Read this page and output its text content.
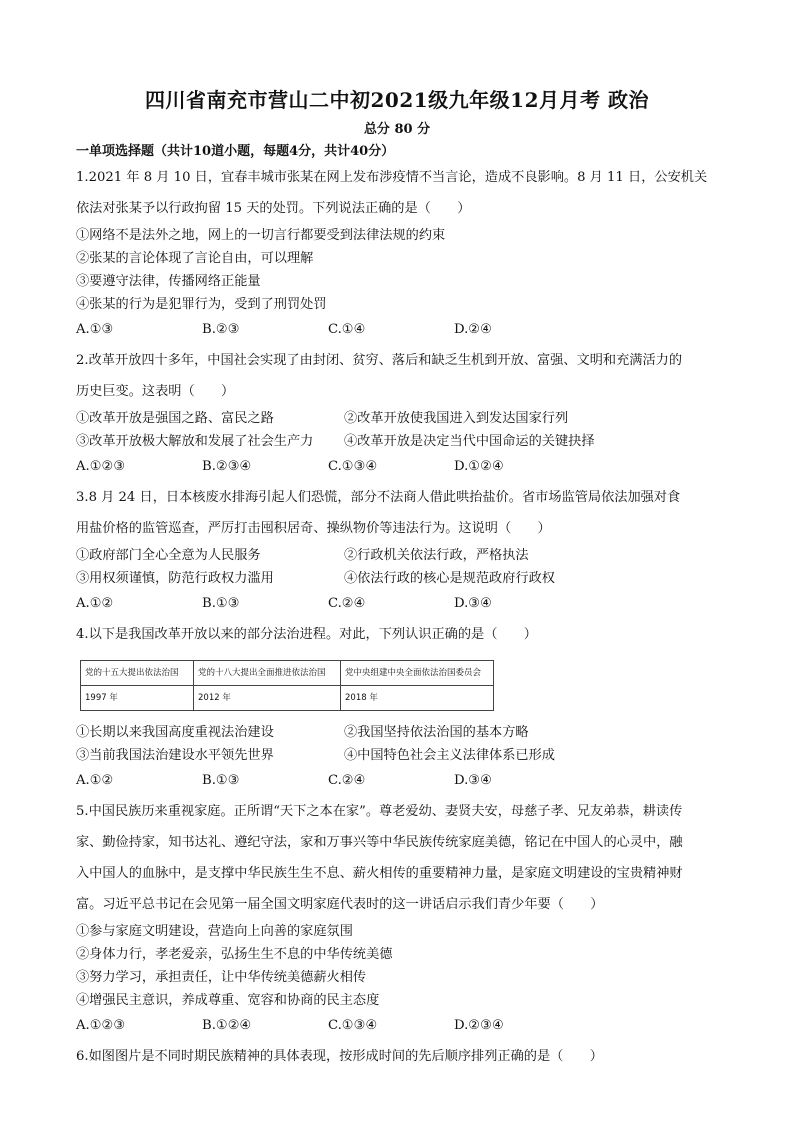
四川省南充市营山二中初2021级九年级12月月考 政治
总分 80 分
一单项选择题（共计10道小题，每题4分，共计40分）

1.2021 年 8 月 10 日，宜春丰城市张某在网上发布涉疫情不当言论，造成不良影响。8 月 11 日，公安机关

依法对张某予以行政拘留 15 天的处罚。下列说法正确的是（　　）

①网络不是法外之地，网上的一切言行都要受到法律法规的约束

②张某的言论体现了言论自由，可以理解

③要遵守法律，传播网络正能量

④张某的行为是犯罪行为，受到了刑罚处罚

A.①③	B.②③	C.①④	D.②④

2.改革开放四十多年，中国社会实现了由封闭、贫穷、落后和缺乏生机到开放、富强、文明和充满活力的

历史巨变。这表明（　　）

①改革开放是强国之路、富民之路	②改革开放使我国进入到发达国家行列
③改革开放极大解放和发展了社会生产力	④改革开放是决定当代中国命运的关键抉择
A.①②③	B.②③④	C.①③④	D.①②④

3.8 月 24 日，日本核废水排海引起人们恐慌，部分不法商人借此哄抬盐价。省市场监管局依法加强对食

用盐价格的监管巡查，严厉打击囤积居奇、操纵物价等违法行为。这说明（　　）

①政府部门全心全意为人民服务	②行政机关依法行政，严格执法
③用权须谨慎，防范行政权力滥用	④依法行政的核心是规范政府行政权
A.①②	B.①③	C.②④	D.③④

4.以下是我国改革开放以来的部分法治进程。对此，下列认识正确的是（　　）

党的十五大提出依法治国	党的十八大提出全面推进依法治国	党中央组建中央全面依法治国委员会
1997 年	2012 年	2018 年
①长期以来我国高度重视法治建设	②我国坚持依法治国的基本方略
③当前我国法治建设水平领先世界	④中国特色社会主义法律体系已形成
A.①②	B.①③	C.②④	D.③④

5.中国民族历来重视家庭。正所谓“天下之本在家”。尊老爱幼、妻贤夫安，母慈子孝、兄友弟恭，耕读传

家、勤俭持家，知书达礼、遵纪守法，家和万事兴等中华民族传统家庭美德，铭记在中国人的心灵中，融

入中国人的血脉中，是支撑中华民族生生不息、薪火相传的重要精神力量，是家庭文明建设的宝贵精神财

富。习近平总书记在会见第一届全国文明家庭代表时的这一讲话启示我们青少年要（　　）

①参与家庭文明建设，营造向上向善的家庭氛围

②身体力行，孝老爱亲，弘扬生生不息的中华传统美德

③努力学习，承担责任，让中华传统美德薪火相传

④增强民主意识，养成尊重、宽容和协商的民主态度

A.①②③	B.①②④	C.①③④	D.②③④

6.如图图片是不同时期民族精神的具体表现，按形成时间的先后顺序排列正确的是（　　）
